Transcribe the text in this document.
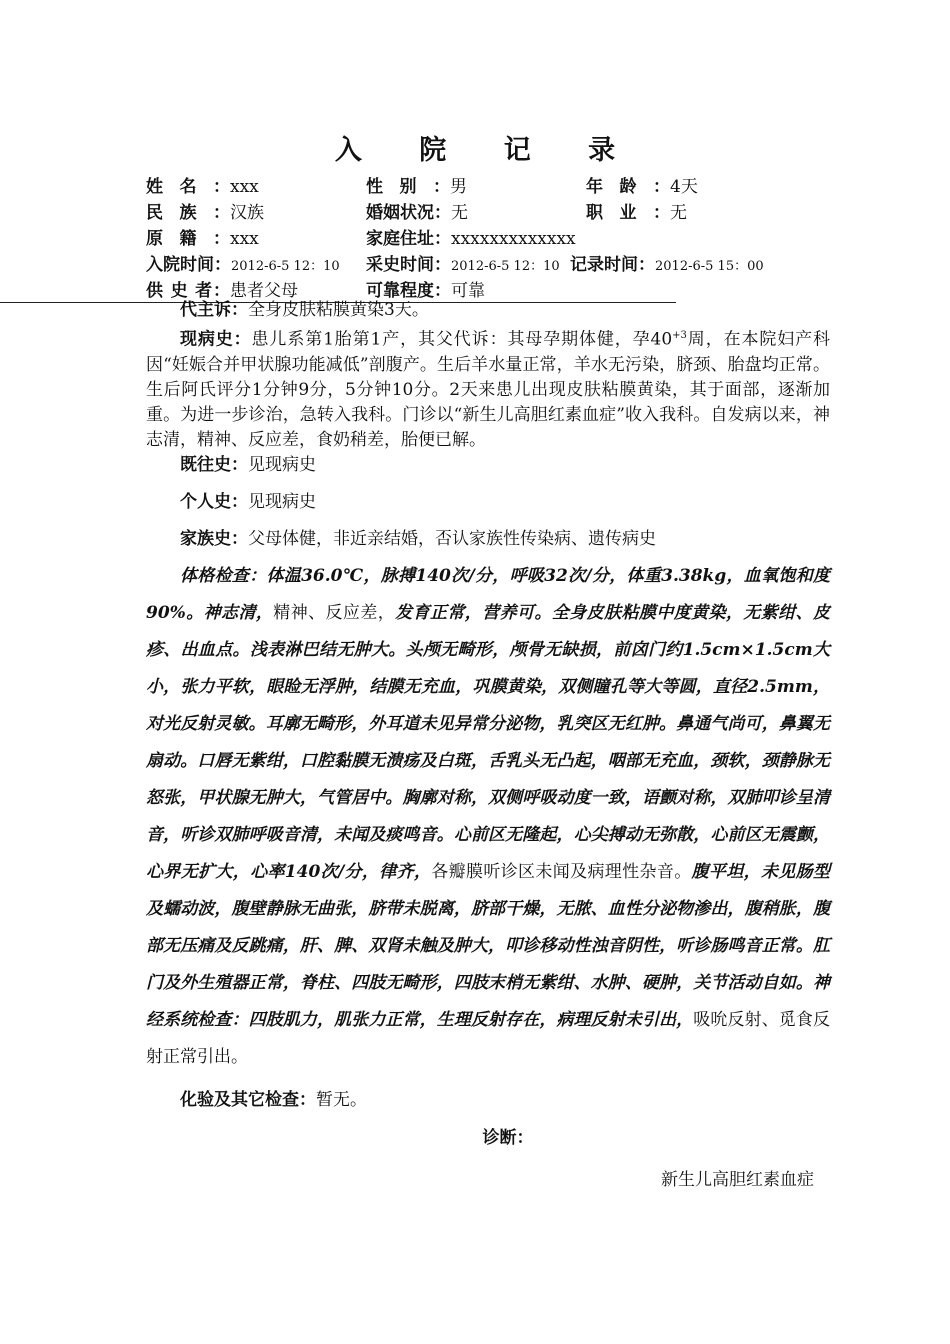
入 院 记 录
姓名：xxx	性别：男	年龄：4天
民族：汉族	婚姻状况：无	职业：无
原籍：xxx	家庭住址：xxxxxxxxxxxxx
入院时间：2012-6-5 12：10 采史时间：2012-6-5 12：10 记录时间：2012-6-5 15：00
供 史 者：患者父母	可靠程度：可靠

代主诉：全身皮肤粘膜黄染3天。

现病史：患儿系第1胎第1产，其父代诉：其母孕期体健，孕$40^{+3}$周，在本院妇产科因“妊娠合并甲状腺功能减低”剖腹产。生后羊水量正常，羊水无污染，脐颈、胎盘均正常。生后阿氏评分1分钟9分，5分钟10分。2天来患儿出现皮肤粘膜黄染，其于面部，逐渐加重。为进一步诊治，急转入我科。门诊以“新生儿高胆红素血症”收入我科。自发病以来，神志清，精神、反应差，食奶稍差，胎便已解。

既往史：见现病史

个人史：见现病史

家族史：父母体健，非近亲结婚，否认家族性传染病、遗传病史

体格检查：体温36.0℃，脉搏140次/分，呼吸32次/分，体重3.38kg，血氧饱和度90%。神志清，精神、反应差，发育正常，营养可。全身皮肤粘膜中度黄染，无紫绀、皮疹、出血点。浅表淋巴结无肿大。头颅无畸形，颅骨无缺损，前囟门约1.5cm×1.5cm大小，张力平软，眼睑无浮肿，结膜无充血，巩膜黄染，双侧瞳孔等大等圆，直径2.5mm，对光反射灵敏。耳廓无畸形，外耳道未见异常分泌物，乳突区无红肿。鼻通气尚可，鼻翼无扇动。口唇无紫绀，口腔黏膜无溃疡及白斑，舌乳头无凸起，咽部无充血，颈软，颈静脉无怒张，甲状腺无肿大，气管居中。胸廓对称，双侧呼吸动度一致，语颤对称，双肺叩诊呈清音，听诊双肺呼吸音清，未闻及痰鸣音。心前区无隆起，心尖搏动无弥散，心前区无震颤，心界无扩大，心率140次/分，律齐，各瓣膜听诊区未闻及病理性杂音。腹平坦，未见肠型及蠕动波，腹壁静脉无曲张，脐带未脱离，脐部干燥，无脓、血性分泌物渗出，腹稍胀，腹部无压痛及反跳痛，肝、脾、双肾未触及肿大，叩诊移动性浊音阴性，听诊肠鸣音正常。肛门及外生殖器正常，脊柱、四肢无畸形，四肢末梢无紫绀、水肿、硬肿，关节活动自如。神经系统检查：四肢肌力，肌张力正常，生理反射存在，病理反射未引出，吸吮反射、觅食反射正常引出。

化验及其它检查：暂无。

诊断：
新生儿高胆红素血症
